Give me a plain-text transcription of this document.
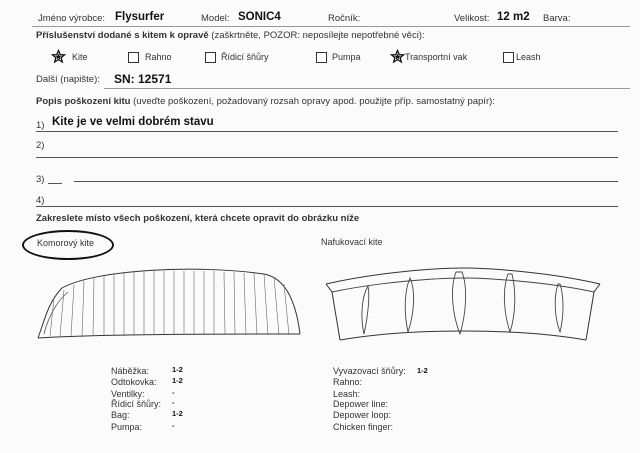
Jméno výrobce: Flysurfer	Model: SONIC4	Ročník:	Velikost: 12 m2 Barva:
Příslušenství dodané s kitem k opravě (zaškrtněte, POZOR: neposílejte nepotřebné věci):
Kite	Rahno	Řídicí šňůry	Pumpa	Transportní vak	Leash
Další (napište): SN: 12571
Popis poškození kitu (uveďte poškození, požadovaný rozsah opravy apod. použijte příp. samostatný papír):
1) Kite je ve velmi dobrém stavu
2)
3)
4)
Zakreslete místo všech poškození, která chcete opravit do obrázku níže
Komorový kite	Nafukovací kite
Náběžka:	1-2
Odtokovka: 1-2
Ventilky:	-
Řídicí šňůry: -
Bag:	1-2
Pumpa:	-
Vyvazovací šňůry: 1-2
Rahno:
Leash:
Depower line:
Depower loop:
Chicken finger:
